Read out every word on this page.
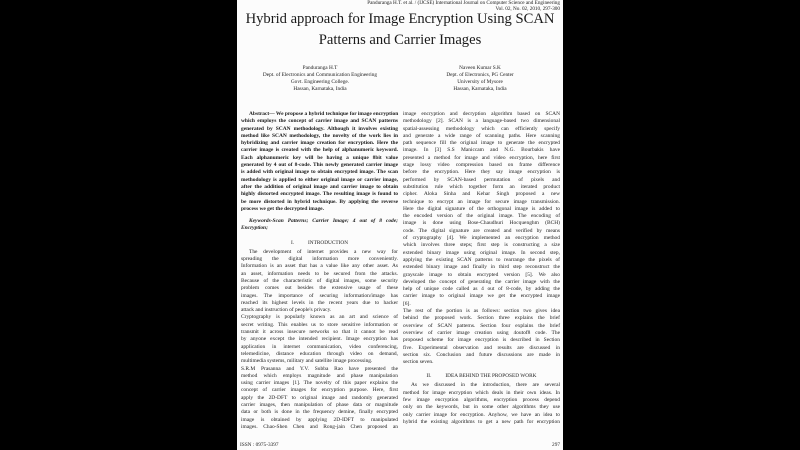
Panduranga H.T. et al. / (IJCSE) International Journal on Computer Science and Engineering
Vol. 02, No. 02, 2010, 297-300
Hybrid approach for Image Encryption Using SCAN
Patterns and Carrier Images
Panduranga H.T
Dept. of Electronics and Communication Engineering
Govt. Engineering College.
Hassan, Karnataka, India
Naveen Kumar S.K
Dept. of Electronics, PG Center
University of Mysore
Hassan, Karnataka, India
Abstract— We propose a hybrid technique for image encryption
which employs the concept of carrier image and SCAN patterns
generated by SCAN methodology. Although it involves existing
method like SCAN methodology, the novelty of the work lies in
hybridizing and carrier image creation for encryption. Here the
carrier image is created with the help of alphanumeric keyword.
Each alphanumeric key will be having a unique 8bit value
generated by 4 out of 8-code. This newly generated carrier image
is added with original image to obtain encrypted image. The scan
methodology is applied to either original image or carrier image,
after the addition of original image and carrier image to obtain
highly distorted encrypted image. The resulting image is found to
be more distorted in hybrid technique. By applying the reverse
process we get the decrypted image.
Keywords-Scan Patterns; Carrier Image; 4 out of 8 code;
Encryption;
I.	INTRODUCTION
The development of internet provides a new way for
spreading the digital information more conveniently.
Information is an asset that has a value like any other asset. As
an asset, information needs to be secured from the attacks.
Because of the characteristic of digital images, some security
problem comes out besides the extensive usage of these
images. The importance of securing information/image has
reached its highest levels in the recent years due to hacker
attack and instruction of people's privacy.
Cryptography is popularly known as an art and science of
secret writing. This enables us to store sensitive information or
transmit it across insecure networks so that it cannot be read
by anyone except the intended recipient. Image encryption has
application in internet communication, video conferencing,
telemedicine, distance education through video on demand,
multimedia systems, military and satellite image processing.
S.R.M Prasanna and Y.V. Subba Rao have presented the
method which employs magnitude and phase manipulation
using carrier images [1]. The novelty of this paper explains the
concept of carrier images for encryption purpose. Here, first
apply the 2D-DFT to original image and randomly generated
carrier images, then manipulation of phase data or magnitude
data or both is done in the frequency demine, finally encrypted
image is obtained by applying 2D-IDFT to manipulated
images. Chao-Shen Chen and Rong-jain Chen proposed an
image encryption and decryption algorithm based on SCAN
methodology [2]. SCAN is a language-based two dimensional
spatial-assessing methodology which can efficiently specify
and generate a wide range of scanning paths. Here scanning
path sequence fill the original image to generate the encrypted
image. In [3] S.S Maniccam and N.G. Bourbakis have
presented a method for image and video encryption, here first
stage lossy video compression based on frame difference
before the encryption. Here they say image encryption is
performed by SCAN-based permutation of pixels and
substitution rule which together form an iterated product
cipher. Aloka Sinha and Kehar Singh proposed a new
technique to encrypt an image for secure image transmission.
Here the digital signature of the orthogonal image is added to
the encoded version of the original image. The encoding of
image is done using Bose-Chaudhuri Hocquenghm (BCH)
code. The digital signature are created and verified by means
of cryptography [4]. We implemented an encryption method
which involves three steps; first step is constructing a size
extended binary image using original image. In second step,
applying the existing SCAN patterns to rearrange the pixels of
extended binary image and finally in third step reconstruct the
grayscale image to obtain encrypted version [5]. We also
developed the concept of generating the carrier image with the
help of unique code called as 4 out of 8-code, by adding the
carrier image to original image we get the encrypted image
[6].
The rest of the portion is as follows: section two gives idea
behind the proposed work. Section three explains the brief
overview of SCAN patterns. Section four explains the brief
overview of carrier image creation using 4outof8 code. The
proposed scheme for image encryption is described in Section
five. Experimental observation and results are discussed in
section six. Conclusion and future discussions are made in
section seven.
II.	IDEA BEHIND THE PROPOSED WORK
As we discussed in the introduction, there are several
method for image encryption which deals in their own ideas. In
few image encryption algorithms, encryption process depend
only on the keywords, but in some other algorithms they use
only carrier image for encryption. Anyhow, we have an idea to
hybrid the existing algorithms to get a new path for encryption
ISSN : 0975-3397	297
